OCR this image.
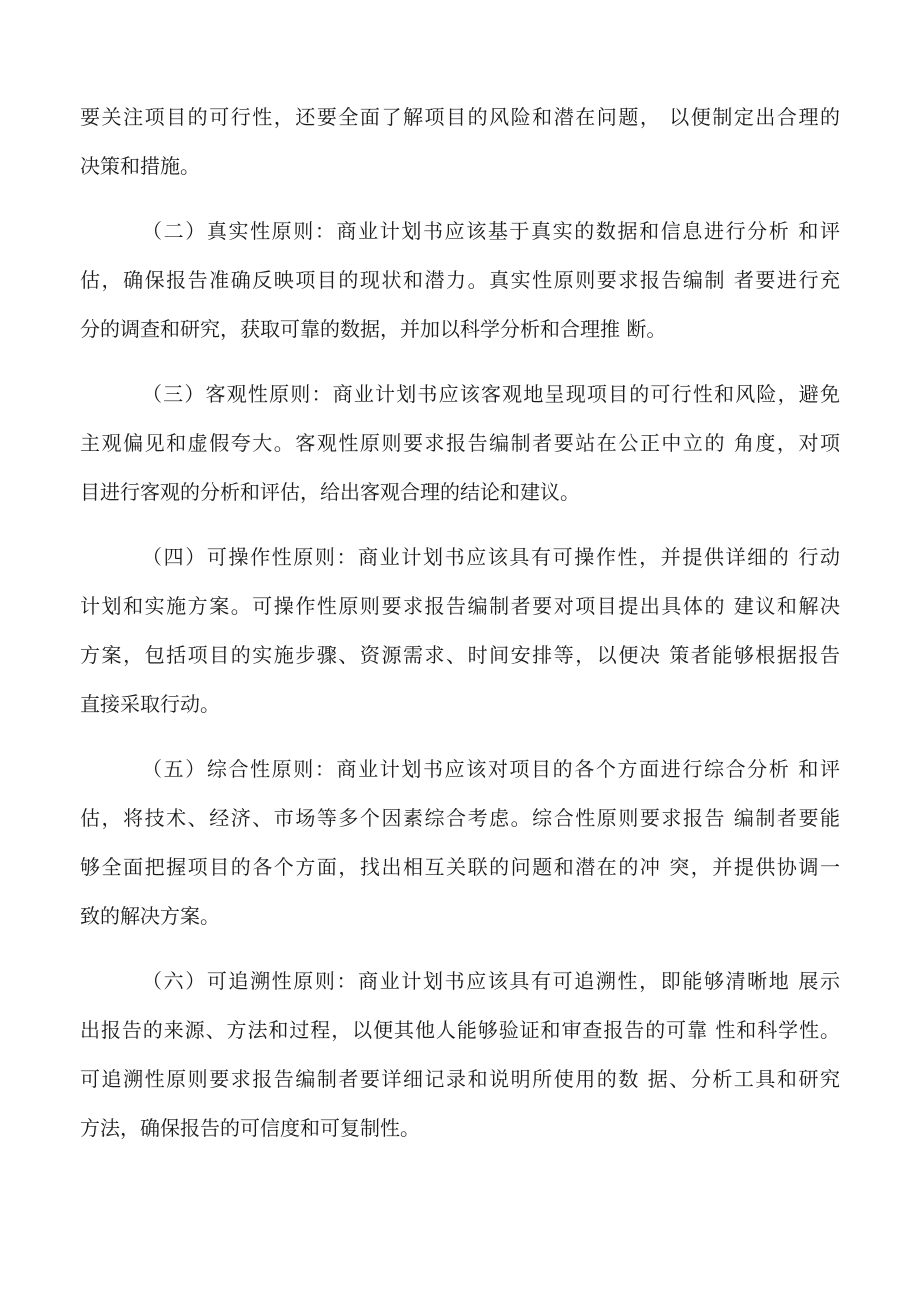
要关注项目的可行性，还要全面了解项目的风险和潜在问题， 以便制定出合理的
决策和措施。
（二）真实性原则：商业计划书应该基于真实的数据和信息进行分析 和评
估，确保报告准确反映项目的现状和潜力。真实性原则要求报告编制 者要进行充
分的调查和研究，获取可靠的数据，并加以科学分析和合理推 断。
（三）客观性原则：商业计划书应该客观地呈现项目的可行性和风险，避免
主观偏见和虚假夸大。客观性原则要求报告编制者要站在公正中立的 角度，对项
目进行客观的分析和评估，给出客观合理的结论和建议。
（四）可操作性原则：商业计划书应该具有可操作性，并提供详细的 行动
计划和实施方案。可操作性原则要求报告编制者要对项目提出具体的 建议和解决
方案，包括项目的实施步骤、资源需求、时间安排等，以便决 策者能够根据报告
直接采取行动。
（五）综合性原则：商业计划书应该对项目的各个方面进行综合分析 和评
估，将技术、经济、市场等多个因素综合考虑。综合性原则要求报告 编制者要能
够全面把握项目的各个方面，找出相互关联的问题和潜在的冲 突，并提供协调一
致的解决方案。
（六）可追溯性原则：商业计划书应该具有可追溯性，即能够清晰地 展示
出报告的来源、方法和过程，以便其他人能够验证和审查报告的可靠 性和科学性。
可追溯性原则要求报告编制者要详细记录和说明所使用的数 据、分析工具和研究
方法，确保报告的可信度和可复制性。
